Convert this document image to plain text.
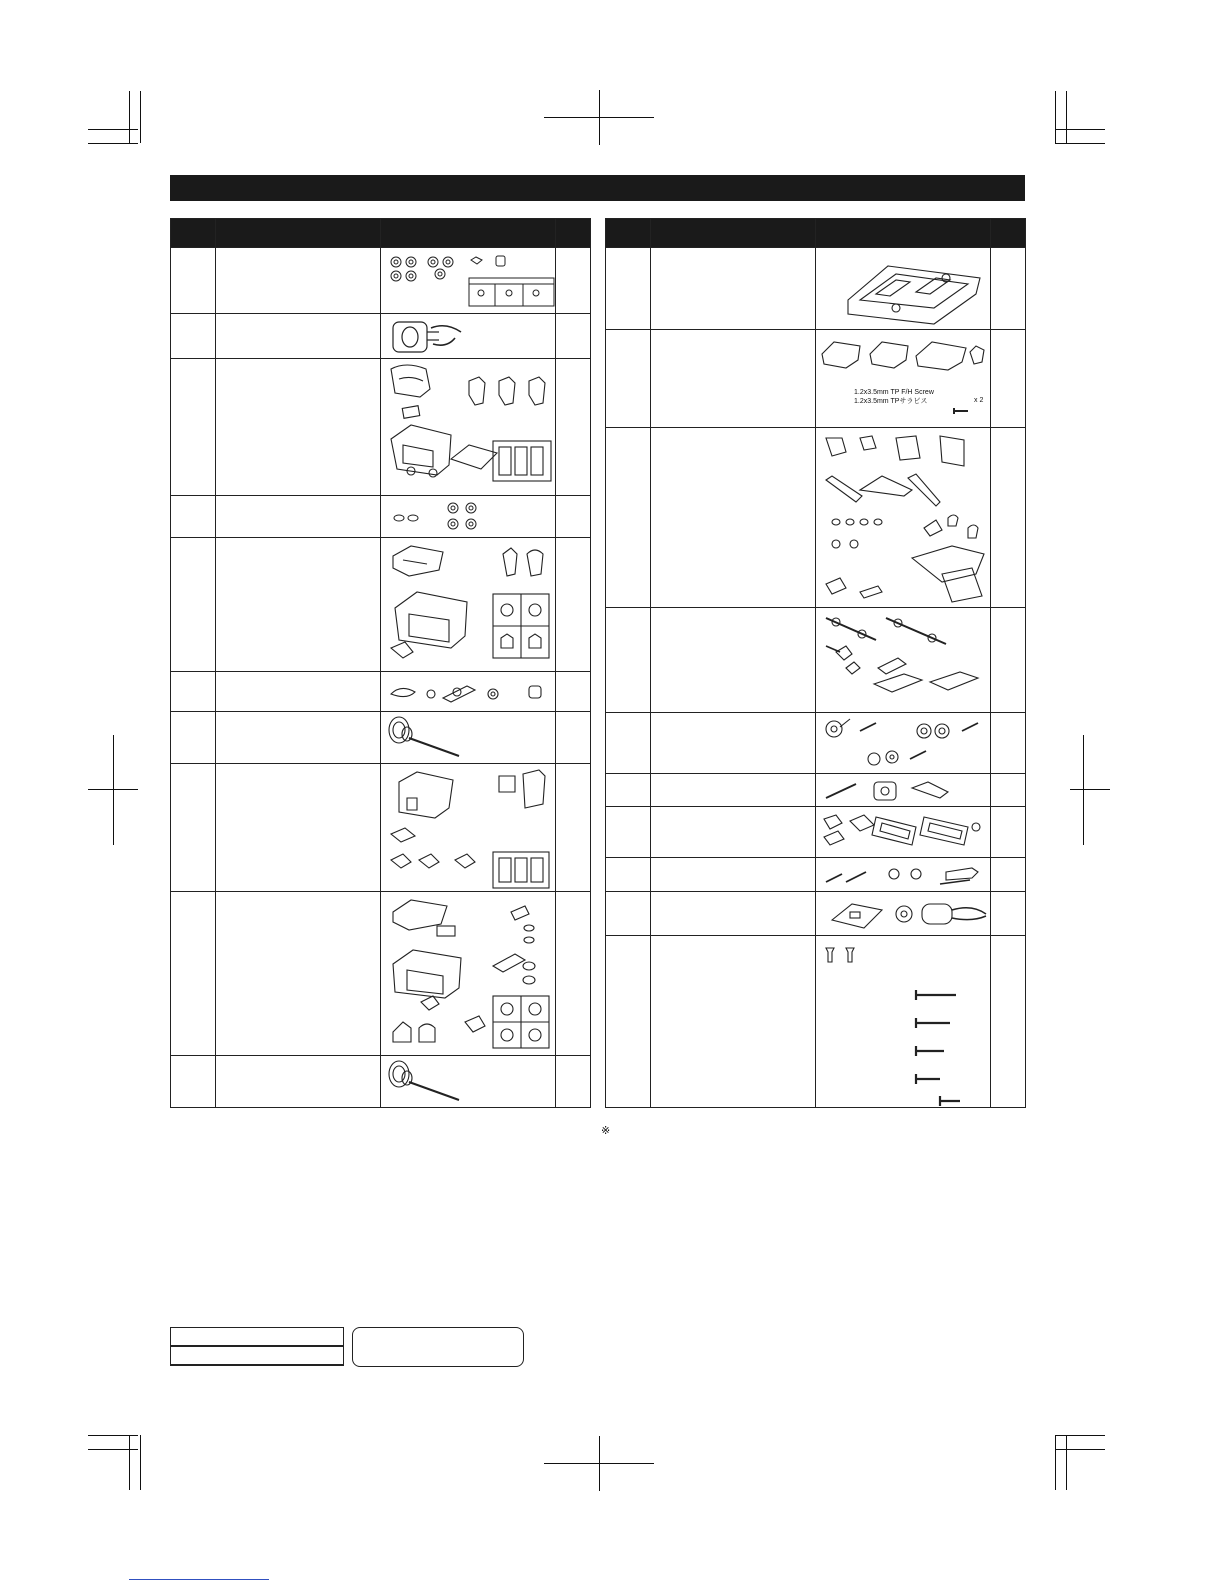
1.2x3.5mm TP F/H Screw
1.2x3.5mm TPサラビス x 2	

※
